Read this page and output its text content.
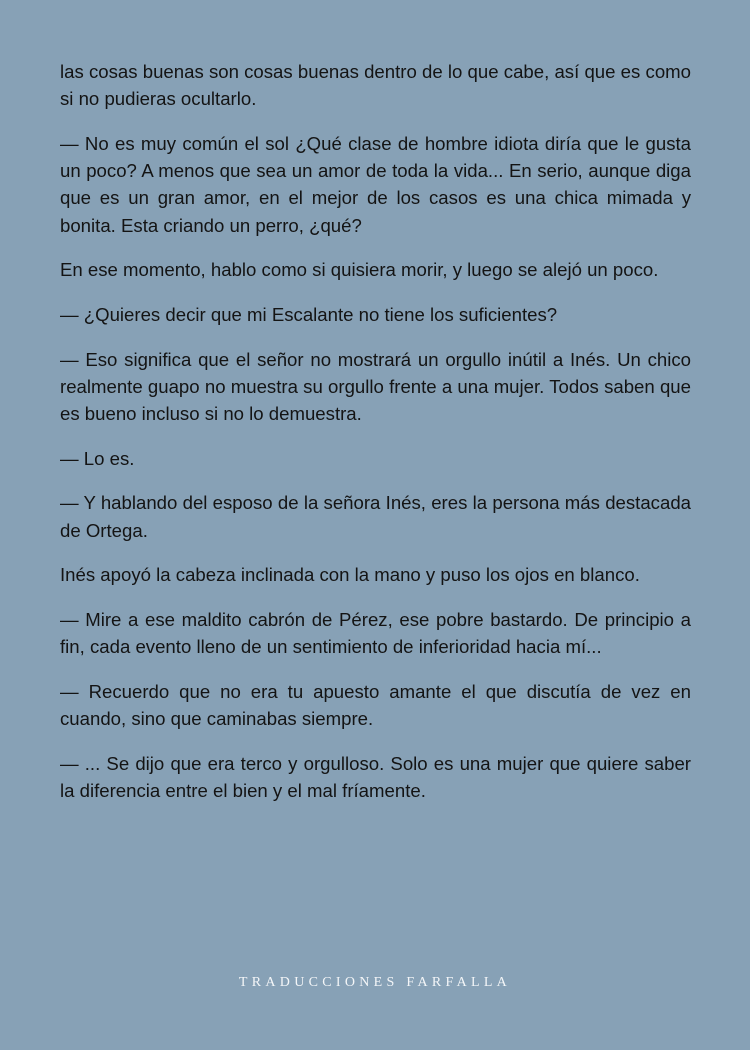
las cosas buenas son cosas buenas dentro de lo que cabe, así que es como si no pudieras ocultarlo.

— No es muy común el sol ¿Qué clase de hombre idiota diría que le gusta un poco? A menos que sea un amor de toda la vida... En serio, aunque diga que es un gran amor, en el mejor de los casos es una chica mimada y bonita. Esta criando un perro, ¿qué?

En ese momento, hablo como si quisiera morir, y luego se alejó un poco.

— ¿Quieres decir que mi Escalante no tiene los suficientes?

— Eso significa que el señor no mostrará un orgullo inútil a Inés. Un chico realmente guapo no muestra su orgullo frente a una mujer. Todos saben que es bueno incluso si no lo demuestra.

— Lo es.

— Y hablando del esposo de la señora Inés, eres la persona más destacada de Ortega.

Inés apoyó la cabeza inclinada con la mano y puso los ojos en blanco.

— Mire a ese maldito cabrón de Pérez, ese pobre bastardo. De principio a fin, cada evento lleno de un sentimiento de inferioridad hacia mí...

— Recuerdo que no era tu apuesto amante el que discutía de vez en cuando, sino que caminabas siempre.

— ... Se dijo que era terco y orgulloso. Solo es una mujer que quiere saber la diferencia entre el bien y el mal fríamente.

TRADUCCIONES FARFALLA
